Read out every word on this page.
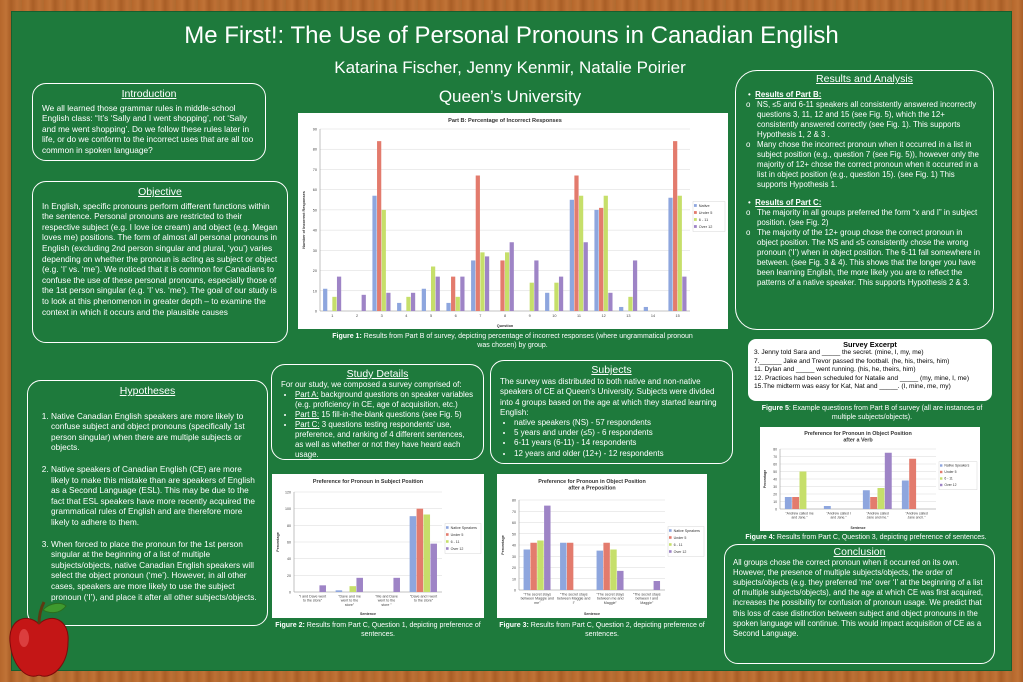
Me First!: The Use of Personal Pronouns in Canadian English
Katarina Fischer, Jenny Kenmir, Natalie Poirier
Queen’s University
Introduction

We all learned those grammar rules in middle-school English class: “It’s ‘Sally and I went shopping’, not ‘Sally and me went shopping’. Do we follow these rules later in life, or do we conform to the incorrect uses that are all too common in spoken language?

Objective

In English, specific pronouns perform different functions within the sentence. Personal pronouns are restricted to their respective subject (e.g. I love ice cream) and object (e.g. Megan loves me) positions. The form of almost all personal pronouns in English (excluding 2nd person singular and plural, ‘you’) varies depending on whether the pronoun is acting as subject or object (e.g. ‘I’ vs. ‘me’). We noticed that it is common for Canadians to confuse the use of these personal pronouns, especially those of the 1st person singular (e.g. ‘I’ vs. ‘me’). The goal of our study is to look at this phenomenon in greater depth – to examine the context in which it occurs and the plausible causes

Hypotheses
1. Native Canadian English speakers are more likely to confuse subject and object pronouns (specifically 1st person singular) when there are multiple subjects or objects.
2. Native speakers of Canadian English (CE) are more likely to make this mistake than are speakers of English as a Second Language (ESL). This may be due to the fact that ESL speakers have more recently acquired the grammatical rules of English and are therefore more likely to adhere to them.
3. When forced to place the pronoun for the 1st person singular at the beginning of a list of multiple subjects/objects, native Canadian English speakers will select the object pronoun (‘me’). However, in all other cases, speakers are more likely to use the subject pronoun (‘I’), and place it after all other subjects/objects.
Part B: Percentage of Incorrect Responses
0
10
20
30
40
50
60
70
80
90
1	2	3	4	5	6	7	8	9	10	11	12	13	14	15
Question
Number of Incorrect Responses	Native
Under 5
6 - 11
Over 12
Figure 1: Results from Part B of survey, depicting percentage of incorrect responses (where ungrammatical pronoun was chosen) by group.
Study Details

For our study, we composed a survey comprised of:

• Part A: background questions on speaker variables (e.g. proficiency in CE, age of acquisition, etc.)
• Part B: 15 fill-in-the-blank questions (see Fig. 5)
• Part C: 3 questions testing respondents’ use, preference, and ranking of 4 different sentences, as well as whether or not they have heard each usage.
Subjects

The survey was distributed to both native and non-native speakers of CE at Queen’s University. Subjects were divided into 4 groups based on the age at which they started learning English:

• native speakers (NS) - 57 respondents
• 5 years and under (≤5) - 6 respondents
• 6-11 years (6-11) - 14 respondents
• 12 years and older (12+) - 12 respondents
Preference for Pronoun in Subject Position
0
20
40
60
80
100
120
"I and Dave went to the store"
"Dave and me went to the store"
"Me and Dave went to the store "
"Dave and I went to the store"
Sentence
Percentage
Native Speakers
Under 5
6 - 11
Over 12
Figure 2: Results from Part C, Question 1, depicting preference of sentences.
Preference for Pronoun in Object Position after a Preposition
0
10
20
30
40
50
60
70
80
"The secret stays between Maggie and me"
"The secret stays between Maggie and I"
"The secret stays between me and Maggie"
"The secret stays between I and Maggie"
Sentence
Percentage
Native Speakers
Under 5
6 - 11
Over 12
Figure 3: Results from Part C, Question 2, depicting preference of sentences.
Results and Analysis
•  Results of Part B:
o NS, ≤5 and 6-11 speakers all consistently answered incorrectly questions 3, 11, 12 and 15 (see Fig. 5), which the 12+ consistently answered correctly (see Fig. 1). This supports Hypothesis 1, 2 & 3 .
o Many chose the incorrect pronoun when it occurred in a list in subject position (e.g., question 7 (see Fig. 5)), however only the majority of 12+ chose the correct pronoun when it occurred in a list in object position (e.g., question 15). (see Fig. 1) This supports Hypothesis 1.
•  Results of Part C:
o The majority in all groups preferred the form “x and I” in subject position. (see Fig. 2)
o The majority of the 12+ group chose the correct pronoun in object position. The NS and ≤5 consistently chose the wrong pronoun (‘I’) when in object position. The 6-11 fall somewhere in between. (see Fig. 3 & 4). This shows that the longer you have been learning English, the more likely you are to reflect the patterns of a native speaker. This supports Hypothesis 2 & 3.
Survey Excerpt
3. Jenny told Sara and _____ the secret. (mine, I, my, me)
7.______ Jake and Trevor passed the football. (he, his, theirs, him)
11. Dylan and _____ went running. (his, he, theirs, him)
12. Practices had been scheduled for Natalie and _____ (my, mine, I, me)
15.The midterm was easy for Kat, Nat and _____. (I, mine, me, my)
Figure 5: Example questions from Part B of survey (all are instances of multiple subjects/objects).
Preference for Pronoun in Object Position after a Verb
0
10
20
30
40
50
60
70
80
"Andrew called me and Jane."
"Andrew called I and Jane."
"Andrew called Jane and me."
"Andrew called Jane and I."
Sentence
Percentage
Native Speakers
Under 5
6 - 11
Over 12
Figure 4: Results from Part C, Question 3, depicting preference of sentences.
Conclusion

All groups chose the correct pronoun when it occurred on its own. However, the presence of multiple subjects/objects, the order of subjects/objects (e.g. they preferred ‘me’ over ‘I’ at the beginning of a list of multiple subjects/objects), and the age at which CE was first acquired, increases the possibility for confusion of pronoun usage. We predict that this loss of case distinction between subject and object pronouns in the spoken language will continue. This would impact acquisition of CE as a Second Language.
